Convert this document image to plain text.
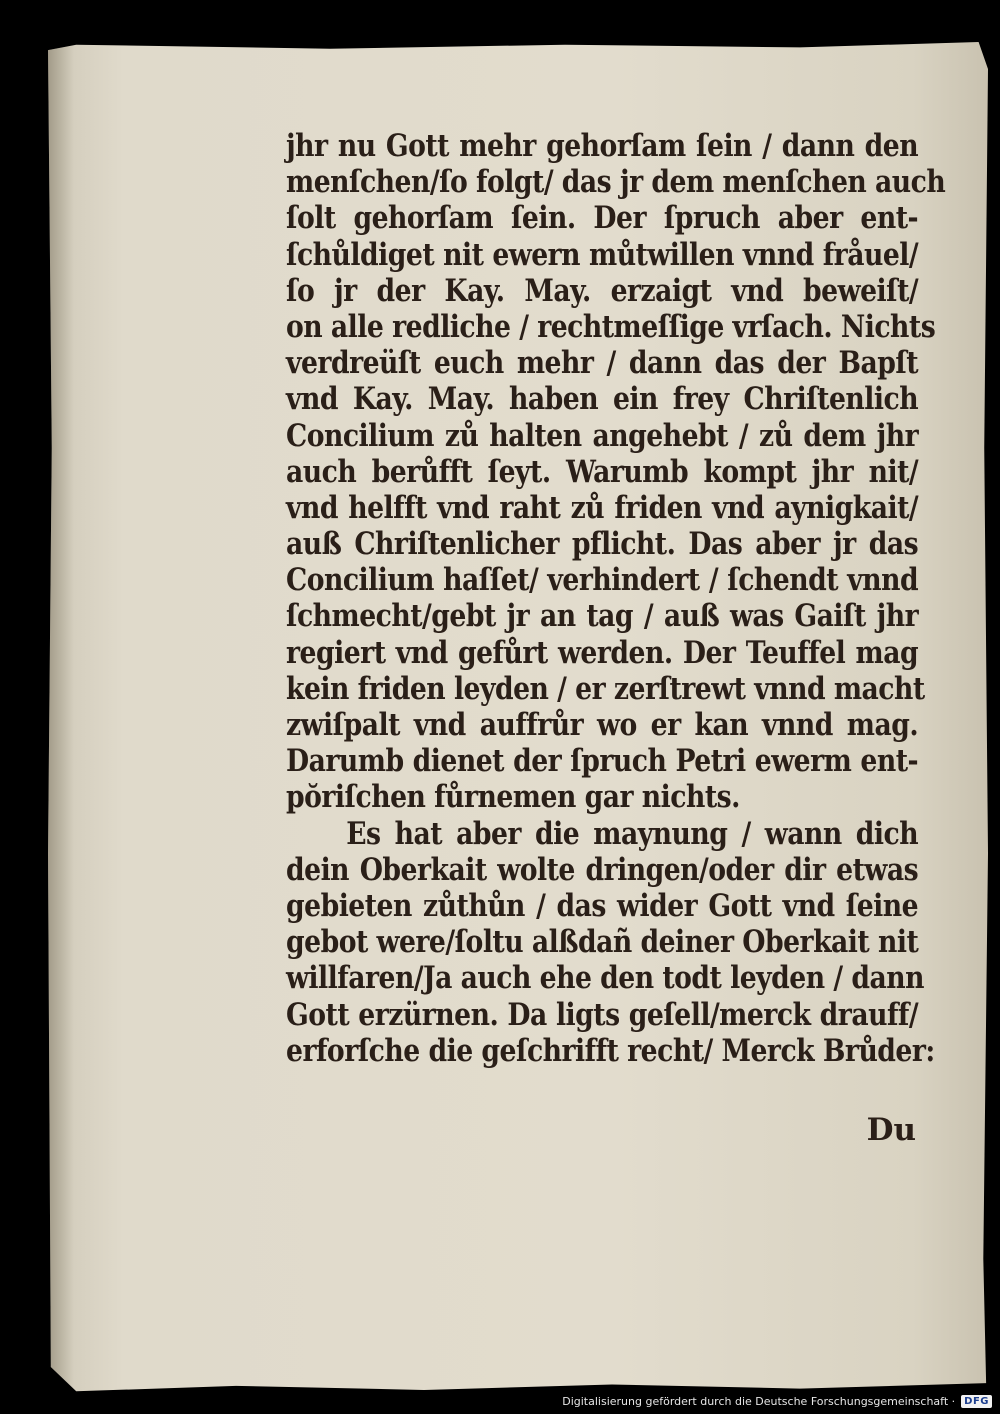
jhr nu Gott mehr gehorſam ſein / dann den
menſchen/ſo folgt/ das jr dem menſchen auch
ſolt gehorſam ſein. Der ſpruch aber ent‑
ſchůldiget nit ewern můtwillen vnnd fråuel/
ſo jr der Kay. May. erzaigt vnd beweiſt/
on alle redliche / rechtmeſſige vrſach. Nichts
verdreüſt euch mehr / dann das der Bapſt
vnd Kay. May. haben ein frey Chriſtenlich
Concilium zů halten angehebt / zů dem jhr
auch berůfft ſeyt. Warumb kompt jhr nit/
vnd helfft vnd raht zů friden vnd aynigkait/
auß Chriſtenlicher pflicht. Das aber jr das
Concilium haſſet/ verhindert / ſchendt vnnd
ſchmecht/gebt jr an tag / auß was Gaiſt jhr
regiert vnd gefůrt werden. Der Teuffel mag
kein friden leyden / er zerſtrewt vnnd macht
zwiſpalt vnd auffrůr wo er kan vnnd mag.
Darumb dienet der ſpruch Petri ewerm ent‑
pŏriſchen fůrnemen gar nichts.
Es hat aber die maynung / wann dich
dein Oberkait wolte dringen/oder dir etwas
gebieten zůthůn / das wider Gott vnd ſeine
gebot were/ſoltu alßdañ deiner Oberkait nit
willfaren/Ja auch ehe den todt leyden / dann
Gott erzürnen. Da ligts geſell/merck drauff/
erforſche die geſchrifft recht/ Merck Brůder:
Du
Digitalisierung gefördert durch die Deutsche Forschungsgemeinschaft · DFG
